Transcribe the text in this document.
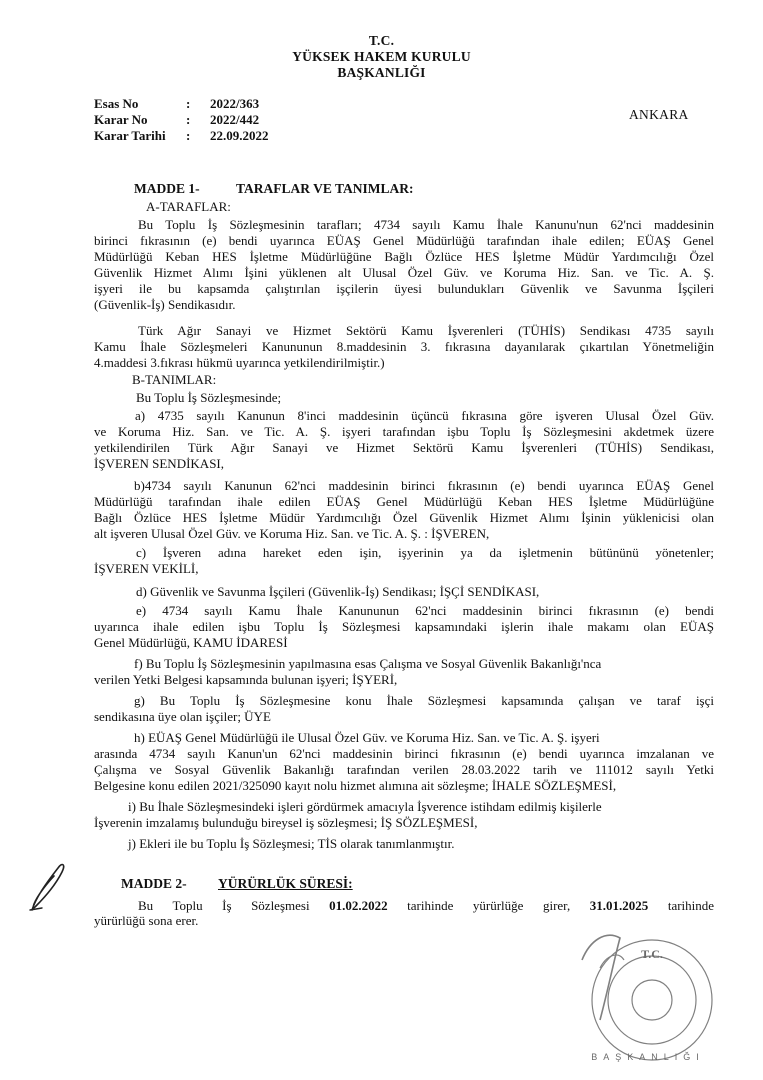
T.C.
YÜKSEK HAKEM KURULU
BAŞKANLIĞI
Esas No	: 2022/363
Karar No	: 2022/442
Karar Tarihi : 22.09.2022
ANKARA
MADDE 1-	TARAFLAR VE TANIMLAR:
A-TARAFLAR:
Bu Toplu İş Sözleşmesinin tarafları; 4734 sayılı Kamu İhale Kanunu'nun 62'nci maddesinin
birinci fıkrasının (e) bendi uyarınca EÜAŞ Genel Müdürlüğü tarafından ihale edilen; EÜAŞ Genel
Müdürlüğü Keban HES İşletme Müdürlüğüne Bağlı Özlüce HES İşletme Müdür Yardımcılığı Özel
Güvenlik Hizmet Alımı İşini yüklenen alt Ulusal Özel Güv. ve Koruma Hiz. San. ve Tic. A. Ş.
işyeri ile bu kapsamda çalıştırılan işçilerin üyesi bulundukları Güvenlik ve Savunma İşçileri
(Güvenlik-İş) Sendikasıdır.
Türk Ağır Sanayi ve Hizmet Sektörü Kamu İşverenleri (TÜHİS) Sendikası 4735 sayılı
Kamu İhale Sözleşmeleri Kanununun 8.maddesinin 3. fıkrasına dayanılarak çıkartılan Yönetmeliğin
4.maddesi 3.fıkrası hükmü uyarınca yetkilendirilmiştir.)
B-TANIMLAR:
Bu Toplu İş Sözleşmesinde;
a) 4735 sayılı Kanunun 8'inci maddesinin üçüncü fıkrasına göre işveren Ulusal Özel Güv.
ve Koruma Hiz. San. ve Tic. A. Ş. işyeri tarafından işbu Toplu İş Sözleşmesini akdetmek üzere
yetkilendirilen Türk Ağır Sanayi ve Hizmet Sektörü Kamu İşverenleri (TÜHİS) Sendikası,
İŞVEREN SENDİKASI,
b)4734 sayılı Kanunun 62'nci maddesinin birinci fıkrasının (e) bendi uyarınca EÜAŞ Genel
Müdürlüğü tarafından ihale edilen EÜAŞ Genel Müdürlüğü Keban HES İşletme Müdürlüğüne
Bağlı Özlüce HES İşletme Müdür Yardımcılığı Özel Güvenlik Hizmet Alımı İşinin yüklenicisi olan
alt işveren Ulusal Özel Güv. ve Koruma Hiz. San. ve Tic. A. Ş. : İŞVEREN,
c) İşveren adına hareket eden işin, işyerinin ya da işletmenin bütününü yönetenler;
İŞVEREN VEKİLİ,
d) Güvenlik ve Savunma İşçileri (Güvenlik-İş) Sendikası; İŞÇİ SENDİKASI,
e) 4734 sayılı Kamu İhale Kanununun 62'nci maddesinin birinci fıkrasının (e) bendi
uyarınca ihale edilen işbu Toplu İş Sözleşmesi kapsamındaki işlerin ihale makamı olan EÜAŞ
Genel Müdürlüğü, KAMU İDARESİ
f) Bu Toplu İş Sözleşmesinin yapılmasına esas Çalışma ve Sosyal Güvenlik Bakanlığı'nca
verilen Yetki Belgesi kapsamında bulunan işyeri; İŞYERİ,
g) Bu Toplu İş Sözleşmesine konu İhale Sözleşmesi kapsamında çalışan ve taraf işçi
sendikasına üye olan işçiler; ÜYE
h) EÜAŞ Genel Müdürlüğü ile Ulusal Özel Güv. ve Koruma Hiz. San. ve Tic. A. Ş. işyeri
arasında 4734 sayılı Kanun'un 62'nci maddesinin birinci fıkrasının (e) bendi uyarınca imzalanan ve
Çalışma ve Sosyal Güvenlik Bakanlığı tarafından verilen 28.03.2022 tarih ve 111012 sayılı Yetki
Belgesine konu edilen 2021/325090 kayıt nolu hizmet alımına ait sözleşme; İHALE SÖZLEŞMESİ,
i) Bu İhale Sözleşmesindeki işleri gördürmek amacıyla İşverence istihdam edilmiş kişilerle
İşverenin imzalamış bulunduğu bireysel iş sözleşmesi; İŞ SÖZLEŞMESİ,
j) Ekleri ile bu Toplu İş Sözleşmesi; TİS olarak tanımlanmıştır.
MADDE 2- YÜRÜRLÜK SÜRESİ:
Bu Toplu İş Sözleşmesi 01.02.2022 tarihinde yürürlüğe girer, 31.01.2025 tarihinde
yürürlüğü sona erer.
T.C.
BAŞKANLIĞI
